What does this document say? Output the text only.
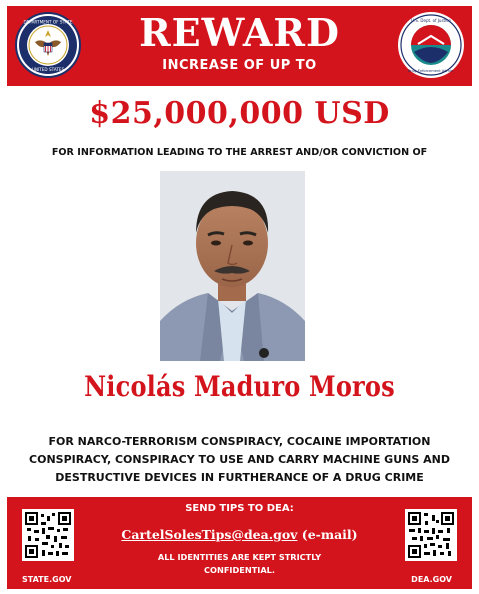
DEPARTMENT OF STATE
UNITED STATES
REWARD
INCREASE OF UP TO
U.S. Dept. of Justice
Drug Enforcement Admin.
$25,000,000 USD
FOR INFORMATION LEADING TO THE ARREST AND/OR CONVICTION OF
Nicolás Maduro Moros
FOR NARCO-TERRORISM CONSPIRACY, COCAINE IMPORTATION
CONSPIRACY, CONSPIRACY TO USE AND CARRY MACHINE GUNS AND
DESTRUCTIVE DEVICES IN FURTHERANCE OF A DRUG CRIME
STATE.GOV
SEND TIPS TO DEA:
CartelSolesTips@dea.gov (e-mail)
ALL IDENTITIES ARE KEPT STRICTLY
CONFIDENTIAL.
DEA.GOV
